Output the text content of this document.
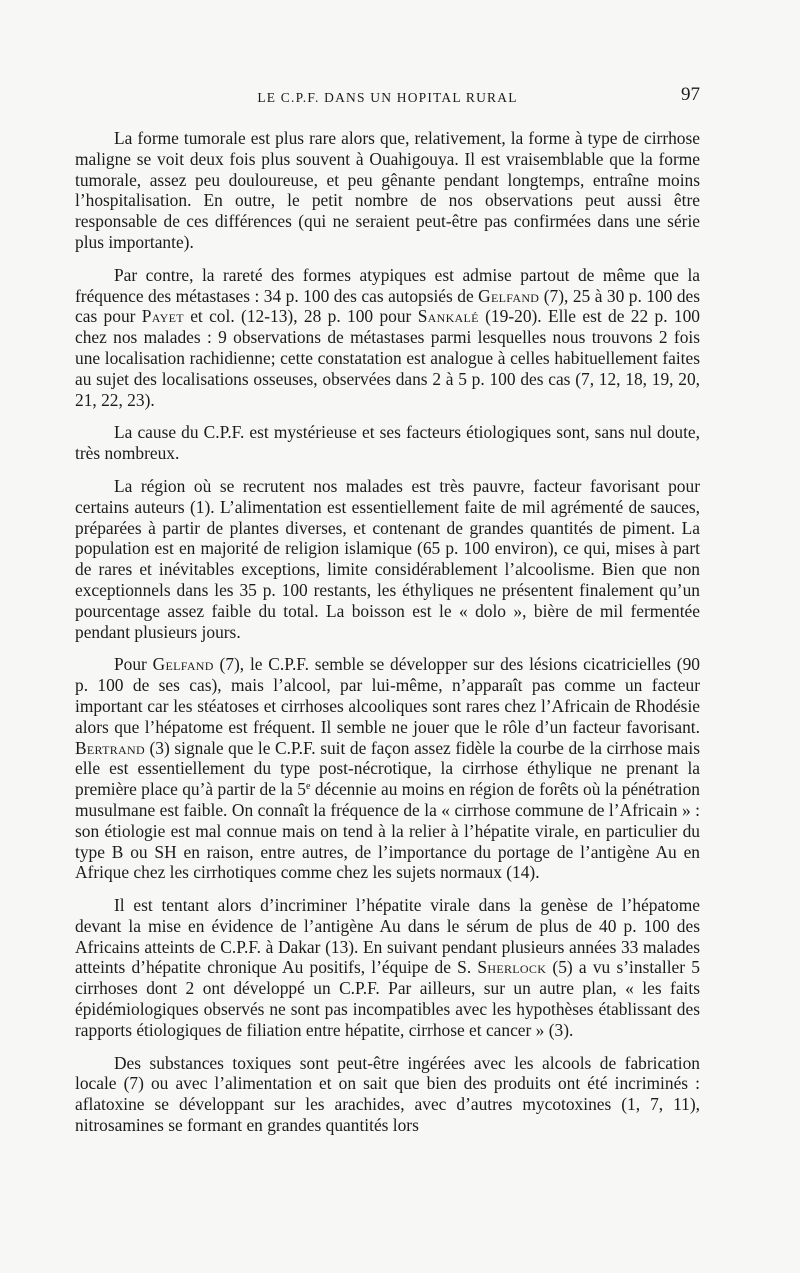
LE C.P.F. DANS UN HOPITAL RURAL	97

La forme tumorale est plus rare alors que, relativement, la forme à type de cirrhose maligne se voit deux fois plus souvent à Ouahigouya. Il est vraisemblable que la forme tumorale, assez peu douloureuse, et peu gênante pendant longtemps, entraîne moins l’hospitalisation. En outre, le petit nombre de nos observations peut aussi être responsable de ces différences (qui ne seraient peut-être pas confirmées dans une série plus importante).

Par contre, la rareté des formes atypiques est admise partout de même que la fréquence des métastases : 34 p. 100 des cas autopsiés de Gelfand (7), 25 à 30 p. 100 des cas pour Payet et col. (12-13), 28 p. 100 pour Sankalé (19-20). Elle est de 22 p. 100 chez nos malades : 9 observations de métastases parmi lesquelles nous trouvons 2 fois une localisation rachidienne; cette constatation est analogue à celles habituellement faites au sujet des localisations osseuses, observées dans 2 à 5 p. 100 des cas (7, 12, 18, 19, 20, 21, 22, 23).

La cause du C.P.F. est mystérieuse et ses facteurs étiologiques sont, sans nul doute, très nombreux.

La région où se recrutent nos malades est très pauvre, facteur favorisant pour certains auteurs (1). L’alimentation est essentiellement faite de mil agrémenté de sauces, préparées à partir de plantes diverses, et contenant de grandes quantités de piment. La population est en majorité de religion islamique (65 p. 100 environ), ce qui, mises à part de rares et inévitables exceptions, limite considérablement l’alcoolisme. Bien que non exceptionnels dans les 35 p. 100 restants, les éthyliques ne présentent finalement qu’un pourcentage assez faible du total. La boisson est le « dolo », bière de mil fermentée pendant plusieurs jours.

Pour Gelfand (7), le C.P.F. semble se développer sur des lésions cicatricielles (90 p. 100 de ses cas), mais l’alcool, par lui-même, n’apparaît pas comme un facteur important car les stéatoses et cirrhoses alcooliques sont rares chez l’Africain de Rhodésie alors que l’hépatome est fréquent. Il semble ne jouer que le rôle d’un facteur favorisant. Bertrand (3) signale que le C.P.F. suit de façon assez fidèle la courbe de la cirrhose mais elle est essentiellement du type post-nécrotique, la cirrhose éthylique ne prenant la première place qu’à partir de la 5e décennie au moins en région de forêts où la pénétration musulmane est faible. On connaît la fréquence de la « cirrhose commune de l’Africain » : son étiologie est mal connue mais on tend à la relier à l’hépatite virale, en particulier du type B ou SH en raison, entre autres, de l’importance du portage de l’antigène Au en Afrique chez les cirrhotiques comme chez les sujets normaux (14).

Il est tentant alors d’incriminer l’hépatite virale dans la genèse de l’hépatome devant la mise en évidence de l’antigène Au dans le sérum de plus de 40 p. 100 des Africains atteints de C.P.F. à Dakar (13). En suivant pendant plusieurs années 33 malades atteints d’hépatite chronique Au positifs, l’équipe de S. Sherlock (5) a vu s’installer 5 cirrhoses dont 2 ont développé un C.P.F. Par ailleurs, sur un autre plan, « les faits épidémiologiques observés ne sont pas incompatibles avec les hypothèses établissant des rapports étiologiques de filiation entre hépatite, cirrhose et cancer » (3).

Des substances toxiques sont peut-être ingérées avec les alcools de fabrication locale (7) ou avec l’alimentation et on sait que bien des produits ont été incriminés : aflatoxine se développant sur les arachides, avec d’autres mycotoxines (1, 7, 11), nitrosamines se formant en grandes quantités lors
